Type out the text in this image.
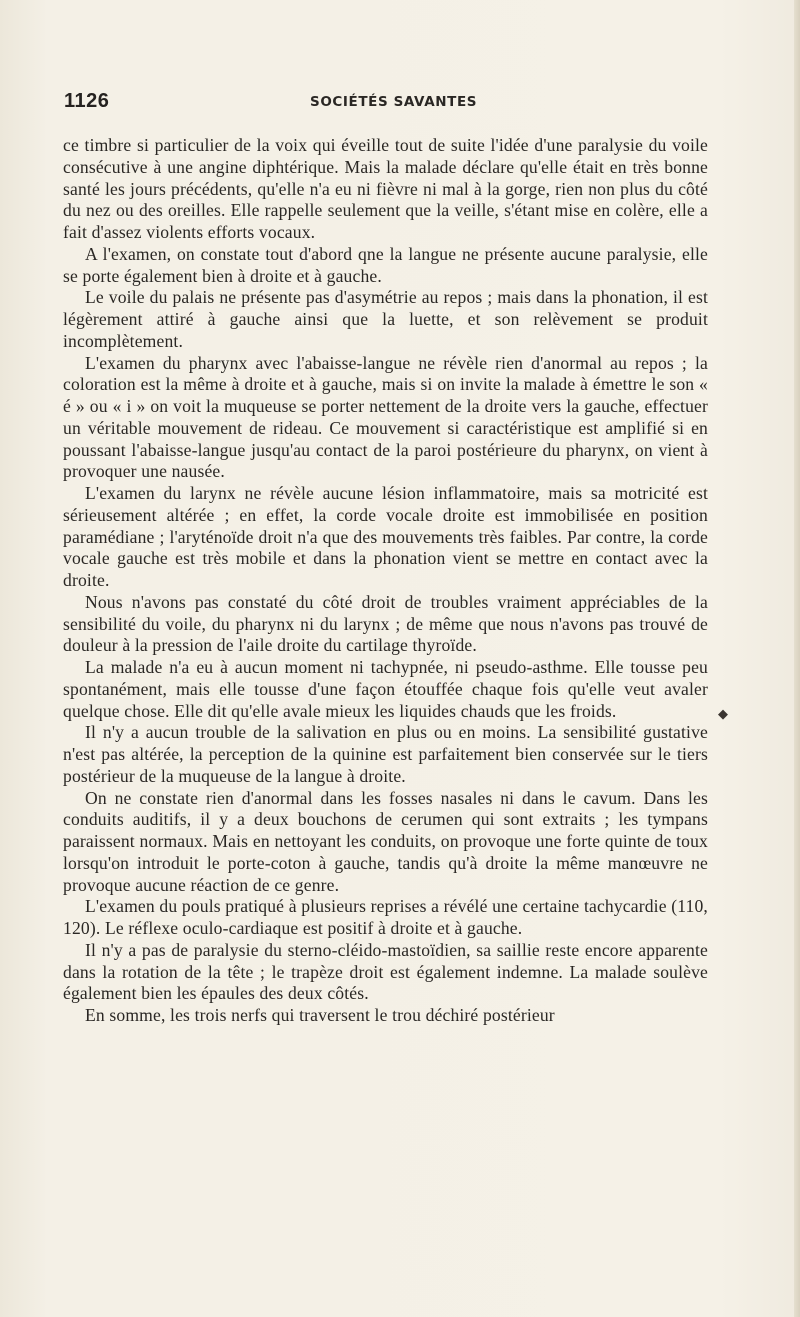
1126	SOCIÉTÉS SAVANTES

ce timbre si particulier de la voix qui éveille tout de suite l'idée d'une paralysie du voile consécutive à une angine diphtérique. Mais la malade déclare qu'elle était en très bonne santé les jours précédents, qu'elle n'a eu ni fièvre ni mal à la gorge, rien non plus du côté du nez ou des oreilles. Elle rappelle seulement que la veille, s'étant mise en colère, elle a fait d'assez violents efforts vocaux.

A l'examen, on constate tout d'abord qne la langue ne présente aucune paralysie, elle se porte également bien à droite et à gauche.

Le voile du palais ne présente pas d'asymétrie au repos ; mais dans la phonation, il est légèrement attiré à gauche ainsi que la luette, et son relèvement se produit incomplètement.

L'examen du pharynx avec l'abaisse-langue ne révèle rien d'anormal au repos ; la coloration est la même à droite et à gauche, mais si on invite la malade à émettre le son « é » ou « i » on voit la muqueuse se porter nettement de la droite vers la gauche, effectuer un véritable mouvement de rideau. Ce mouvement si caractéristique est amplifié si en poussant l'abaisse-langue jusqu'au contact de la paroi postérieure du pharynx, on vient à provoquer une nausée.

L'examen du larynx ne révèle aucune lésion inflammatoire, mais sa motricité est sérieusement altérée ; en effet, la corde vocale droite est immobilisée en position paramédiane ; l'aryténoïde droit n'a que des mouvements très faibles. Par contre, la corde vocale gauche est très mobile et dans la phonation vient se mettre en contact avec la droite.

Nous n'avons pas constaté du côté droit de troubles vraiment appréciables de la sensibilité du voile, du pharynx ni du larynx ; de même que nous n'avons pas trouvé de douleur à la pression de l'aile droite du cartilage thyroïde.

La malade n'a eu à aucun moment ni tachypnée, ni pseudo-asthme. Elle tousse peu spontanément, mais elle tousse d'une façon étouffée chaque fois qu'elle veut avaler quelque chose. Elle dit qu'elle avale mieux les liquides chauds que les froids.

Il n'y a aucun trouble de la salivation en plus ou en moins. La sensibilité gustative n'est pas altérée, la perception de la quinine est parfaitement bien conservée sur le tiers postérieur de la muqueuse de la langue à droite.

On ne constate rien d'anormal dans les fosses nasales ni dans le cavum. Dans les conduits auditifs, il y a deux bouchons de cerumen qui sont extraits ; les tympans paraissent normaux. Mais en nettoyant les conduits, on provoque une forte quinte de toux lorsqu'on introduit le porte-coton à gauche, tandis qu'à droite la même manœuvre ne provoque aucune réaction de ce genre.

L'examen du pouls pratiqué à plusieurs reprises a révélé une certaine tachycardie (110, 120). Le réflexe oculo-cardiaque est positif à droite et à gauche.

Il n'y a pas de paralysie du sterno-cléido-mastoïdien, sa saillie reste encore apparente dans la rotation de la tête ; le trapèze droit est également indemne. La malade soulève également bien les épaules des deux côtés.

En somme, les trois nerfs qui traversent le trou déchiré postérieur

◆
